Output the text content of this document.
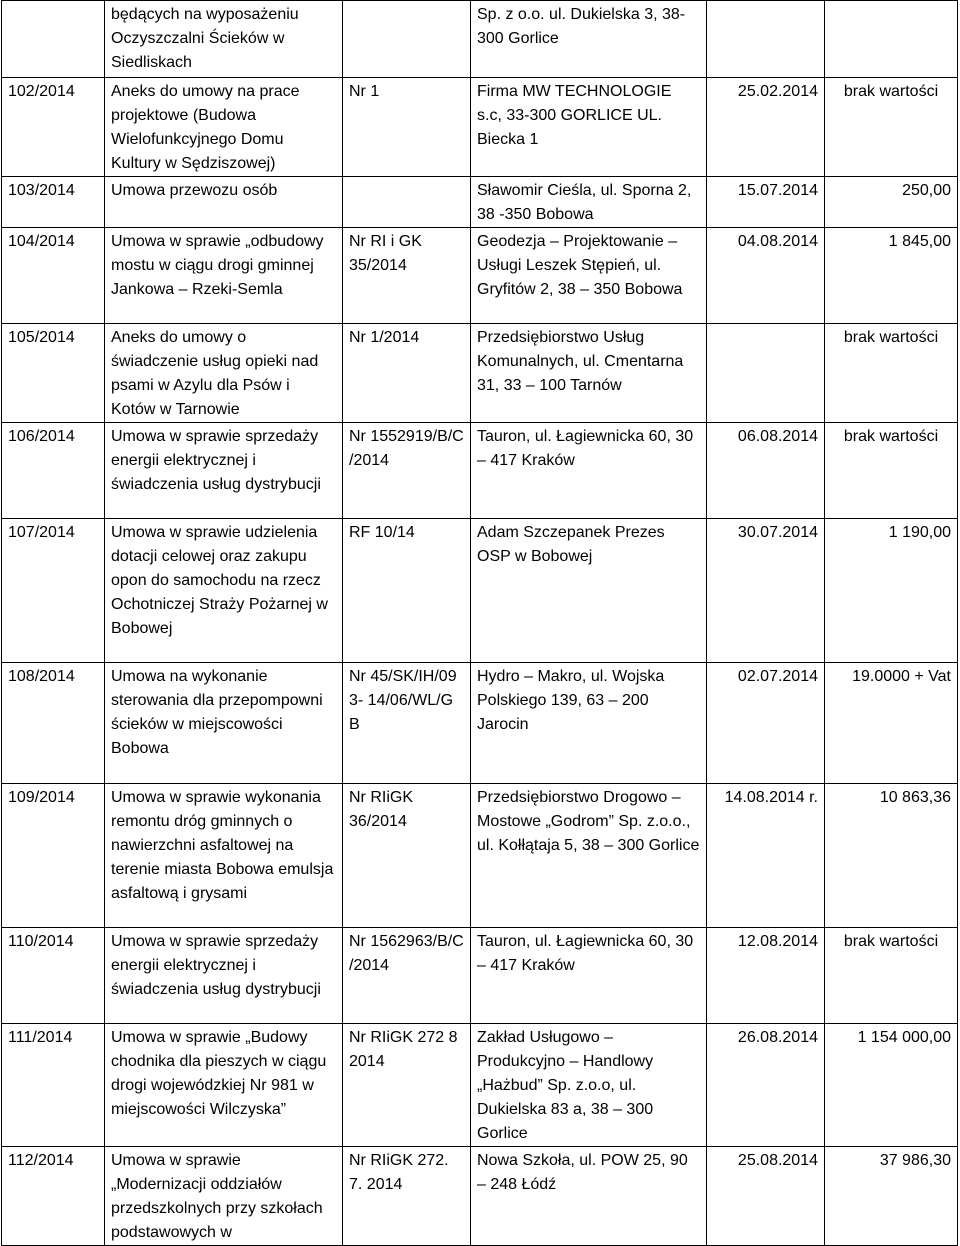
	będących na wyposażeniu Oczyszczalni Ścieków w Siedliskach		Sp. z o.o. ul. Dukielska 3, 38-300 Gorlice		
102/2014	Aneks do umowy na prace projektowe (Budowa Wielofunkcyjnego Domu Kultury w Sędziszowej)	Nr 1	Firma MW TECHNOLOGIE s.c, 33-300 GORLICE UL. Biecka 1	25.02.2014	brak wartości
103/2014	Umowa przewozu osób		Sławomir Cieśla, ul. Sporna 2, 38 -350 Bobowa	15.07.2014	250,00
104/2014	Umowa w sprawie „odbudowy mostu w ciągu drogi gminnej Jankowa – Rzeki-Semla	Nr RI i GK 35/2014	Geodezja – Projektowanie – Usługi Leszek Stępień, ul. Gryfitów 2, 38 – 350 Bobowa	04.08.2014	1 845,00
105/2014	Aneks do umowy o świadczenie usług opieki nad psami w Azylu dla Psów i Kotów w Tarnowie	Nr 1/2014	Przedsiębiorstwo Usług Komunalnych, ul. Cmentarna 31, 33 – 100 Tarnów		brak wartości
106/2014	Umowa w sprawie sprzedaży energii elektrycznej i świadczenia usług dystrybucji	Nr 1552919/B/C /2014	Tauron, ul. Łagiewnicka 60, 30 – 417 Kraków	06.08.2014	brak wartości
107/2014	Umowa w sprawie udzielenia dotacji celowej oraz zakupu opon do samochodu na rzecz Ochotniczej Straży Pożarnej w Bobowej	RF 10/14	Adam Szczepanek Prezes OSP w Bobowej	30.07.2014	1 190,00
108/2014	Umowa na wykonanie sterowania dla przepompowni ścieków w miejscowości Bobowa	Nr 45/SK/IH/09 3- 14/06/WL/G B	Hydro – Makro, ul. Wojska Polskiego 139, 63 – 200 Jarocin	02.07.2014	19.0000 + Vat
109/2014	Umowa w sprawie wykonania remontu dróg gminnych o nawierzchni asfaltowej na terenie miasta Bobowa emulsja asfaltową i grysami	Nr RIiGK 36/2014	Przedsiębiorstwo Drogowo – Mostowe „Godrom” Sp. z.o.o., ul. Kołłątaja 5, 38 – 300 Gorlice	14.08.2014 r.	10 863,36
110/2014	Umowa w sprawie sprzedaży energii elektrycznej i świadczenia usług dystrybucji	Nr 1562963/B/C /2014	Tauron, ul. Łagiewnicka 60, 30 – 417 Kraków	12.08.2014	brak wartości
111/2014	Umowa w sprawie „Budowy chodnika dla pieszych w ciągu drogi wojewódzkiej Nr 981 w miejscowości Wilczyska”	Nr RIiGK 272 8 2014	Zakład Usługowo – Produkcyjno – Handlowy „Hażbud” Sp. z.o.o, ul. Dukielska 83 a, 38 – 300 Gorlice	26.08.2014	1 154 000,00
112/2014	Umowa w sprawie „Modernizacji oddziałów przedszkolnych przy szkołach podstawowych w	Nr RIiGK 272. 7. 2014	Nowa Szkoła, ul. POW 25, 90 – 248 Łódź	25.08.2014	37 986,30
